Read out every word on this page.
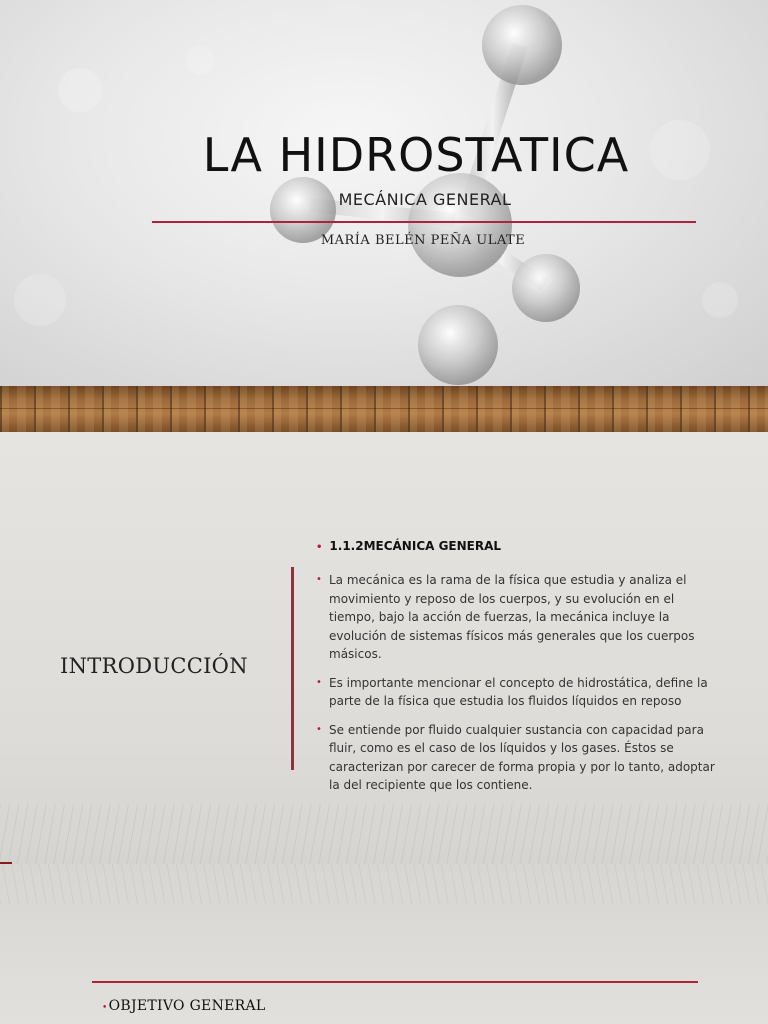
LA HIDROSTATICA
MECÁNICA GENERAL
MARÍA BELÉN PEÑA ULATE
INTRODUCCIÓN
• 1.1.2MECÁNICA GENERAL
• La mecánica es la rama de la física que estudia y analiza el movimiento y reposo de los cuerpos, y su evolución en el tiempo, bajo la acción de fuerzas, la mecánica incluye la evolución de sistemas físicos más generales que los cuerpos másicos.
• Es importante mencionar el concepto de hidrostática, define la parte de la física que estudia los fluidos líquidos en reposo
• Se entiende por fluido cualquier sustancia con capacidad para fluir, como es el caso de los líquidos y los gases. Éstos se caracterizan por carecer de forma propia y por lo tanto, adoptar la del recipiente que los contiene.
•OBJETIVO GENERAL
